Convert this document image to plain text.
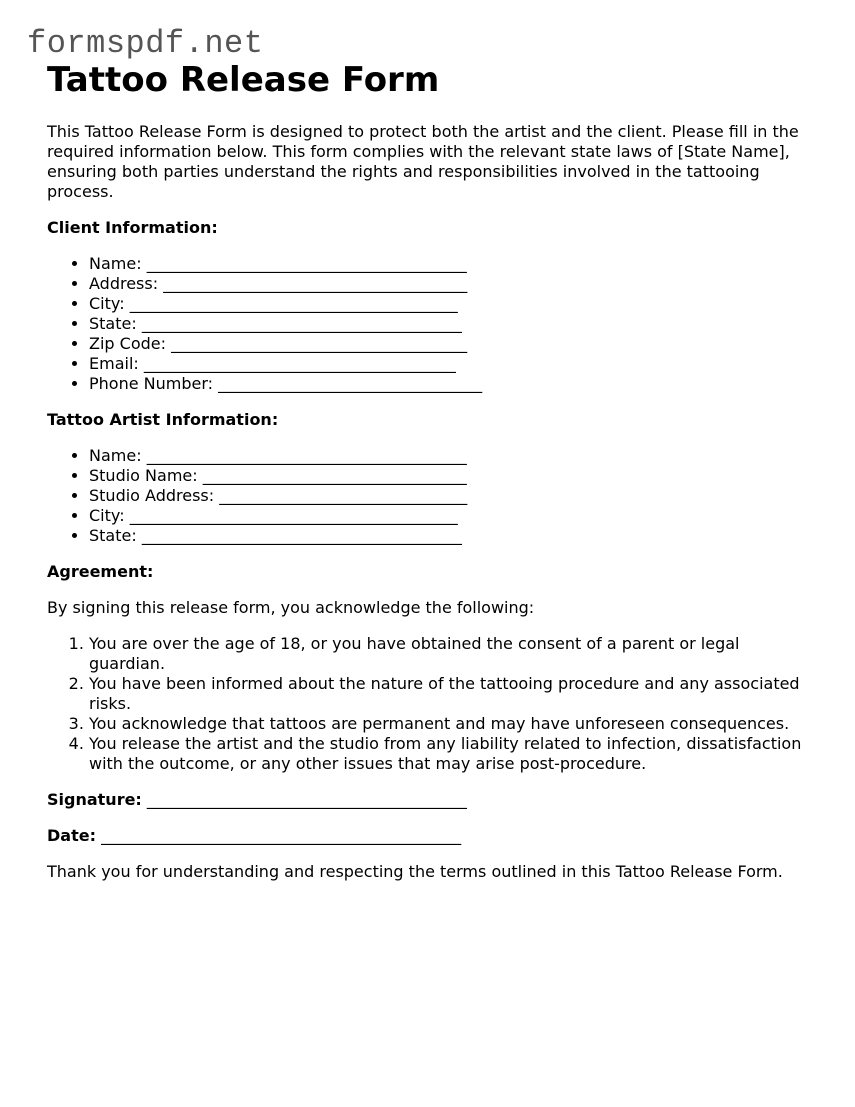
formspdf.net
Tattoo Release Form

This Tattoo Release Form is designed to protect both the artist and the client. Please fill in the required information below. This form complies with the relevant state laws of [State Name], ensuring both parties understand the rights and responsibilities involved in the tattooing process.

Client Information:

• Name: ________________________________________
• Address: ______________________________________
• City: _________________________________________
• State: ________________________________________
• Zip Code: _____________________________________
• Email: _______________________________________
• Phone Number: _________________________________

Tattoo Artist Information:

• Name: ________________________________________
• Studio Name: _________________________________
• Studio Address: _______________________________
• City: _________________________________________
• State: ________________________________________

Agreement:

By signing this release form, you acknowledge the following:

1. You are over the age of 18, or you have obtained the consent of a parent or legal guardian.
2. You have been informed about the nature of the tattooing procedure and any associated risks.
3. You acknowledge that tattoos are permanent and may have unforeseen consequences.
4. You release the artist and the studio from any liability related to infection, dissatisfaction with the outcome, or any other issues that may arise post-procedure.

Signature: ________________________________________

Date: _____________________________________________

Thank you for understanding and respecting the terms outlined in this Tattoo Release Form.
